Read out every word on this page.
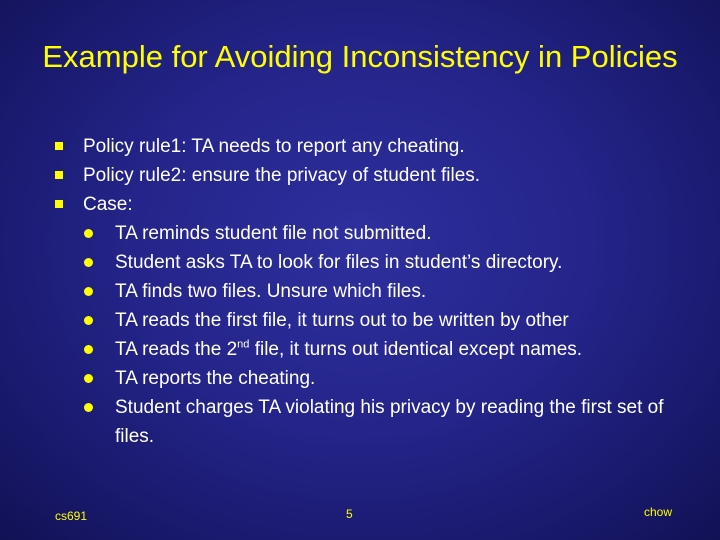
Example for Avoiding Inconsistency in Policies
Policy rule1: TA needs to report any cheating.
Policy rule2: ensure the privacy of student files.
Case:
TA reminds student file not submitted.
Student asks TA to look for files in student’s directory.
TA finds two files. Unsure which files.
TA reads the first file, it turns out to be written by other
TA reads the 2nd file, it turns out identical except names.
TA reports the cheating.
Student charges TA violating his privacy by reading the first set of files.
cs691	5	chow
